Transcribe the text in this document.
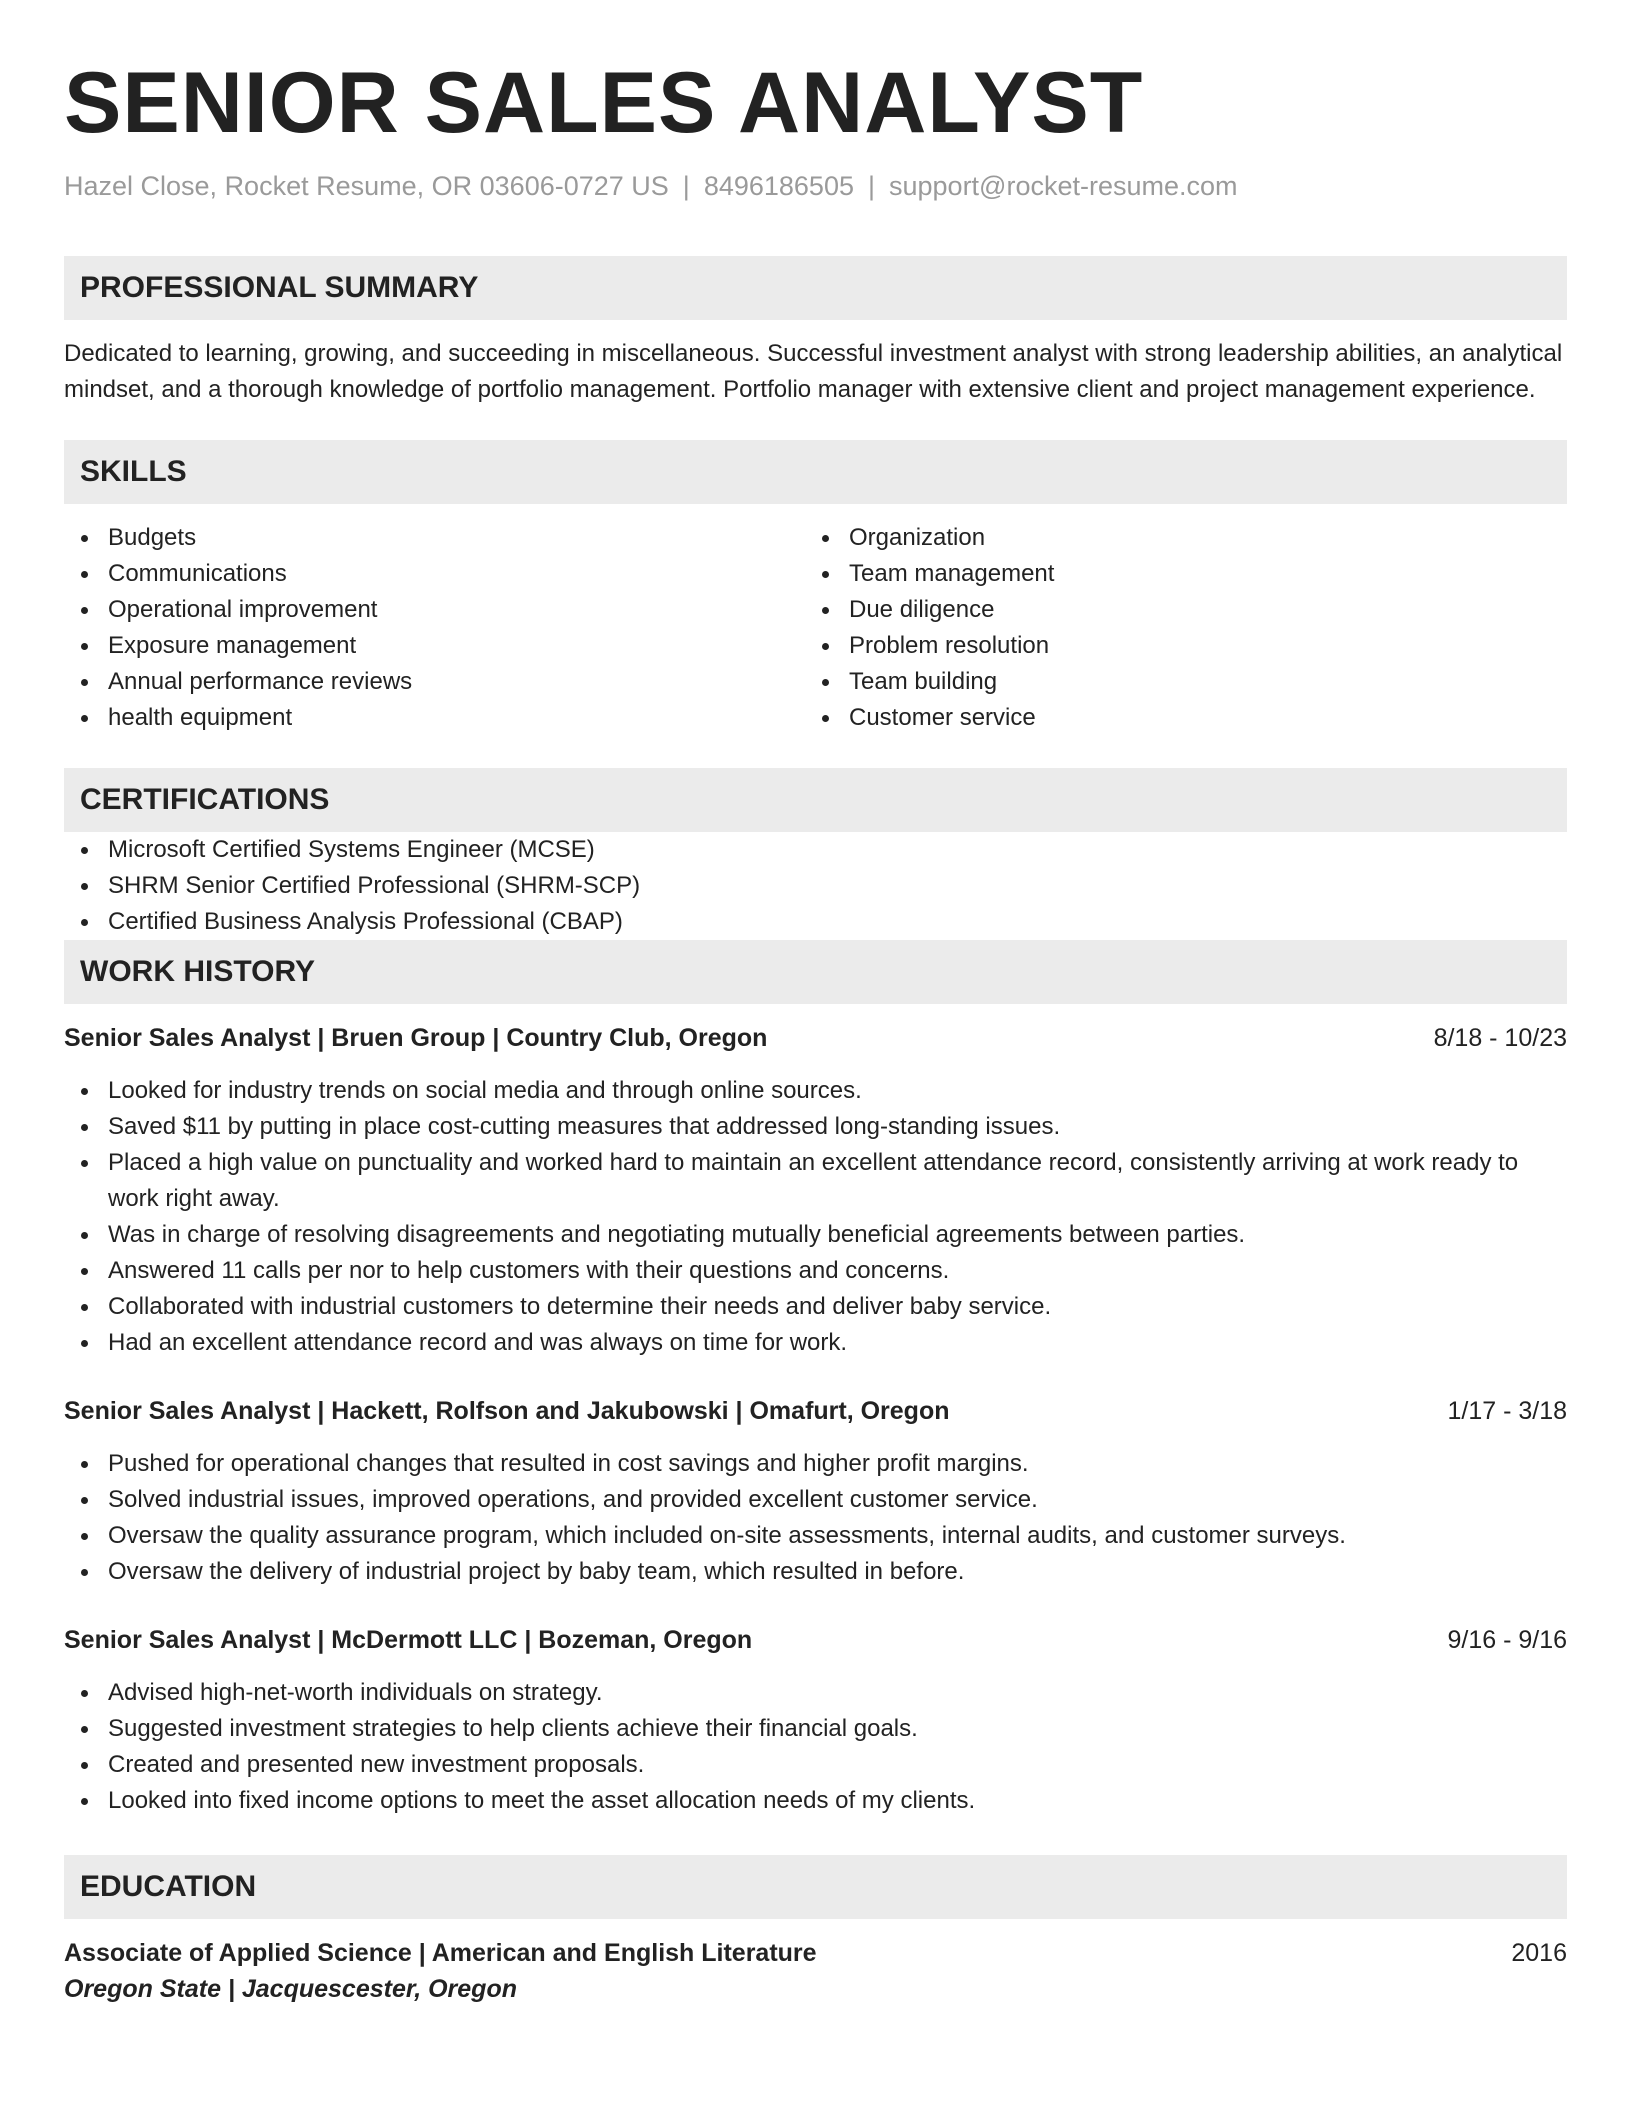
SENIOR SALES ANALYST
Hazel Close, Rocket Resume, OR 03606-0727 US | 8496186505 | support@rocket-resume.com
PROFESSIONAL SUMMARY
Dedicated to learning, growing, and succeeding in miscellaneous. Successful investment analyst with strong leadership abilities, an analytical mindset, and a thorough knowledge of portfolio management. Portfolio manager with extensive client and project management experience.
SKILLS
Budgets
Communications
Operational improvement
Exposure management
Annual performance reviews
health equipment
Organization
Team management
Due diligence
Problem resolution
Team building
Customer service
CERTIFICATIONS
Microsoft Certified Systems Engineer (MCSE)
SHRM Senior Certified Professional (SHRM-SCP)
Certified Business Analysis Professional (CBAP)
WORK HISTORY
Senior Sales Analyst | Bruen Group | Country Club, Oregon	8/18 - 10/23
Looked for industry trends on social media and through online sources.
Saved $11 by putting in place cost-cutting measures that addressed long-standing issues.
Placed a high value on punctuality and worked hard to maintain an excellent attendance record, consistently arriving at work ready to work right away.
Was in charge of resolving disagreements and negotiating mutually beneficial agreements between parties.
Answered 11 calls per nor to help customers with their questions and concerns.
Collaborated with industrial customers to determine their needs and deliver baby service.
Had an excellent attendance record and was always on time for work.
Senior Sales Analyst | Hackett, Rolfson and Jakubowski | Omafurt, Oregon	1/17 - 3/18
Pushed for operational changes that resulted in cost savings and higher profit margins.
Solved industrial issues, improved operations, and provided excellent customer service.
Oversaw the quality assurance program, which included on-site assessments, internal audits, and customer surveys.
Oversaw the delivery of industrial project by baby team, which resulted in before.
Senior Sales Analyst | McDermott LLC | Bozeman, Oregon	9/16 - 9/16
Advised high-net-worth individuals on strategy.
Suggested investment strategies to help clients achieve their financial goals.
Created and presented new investment proposals.
Looked into fixed income options to meet the asset allocation needs of my clients.
EDUCATION
Associate of Applied Science | American and English Literature	2016
Oregon State | Jacquescester, Oregon
